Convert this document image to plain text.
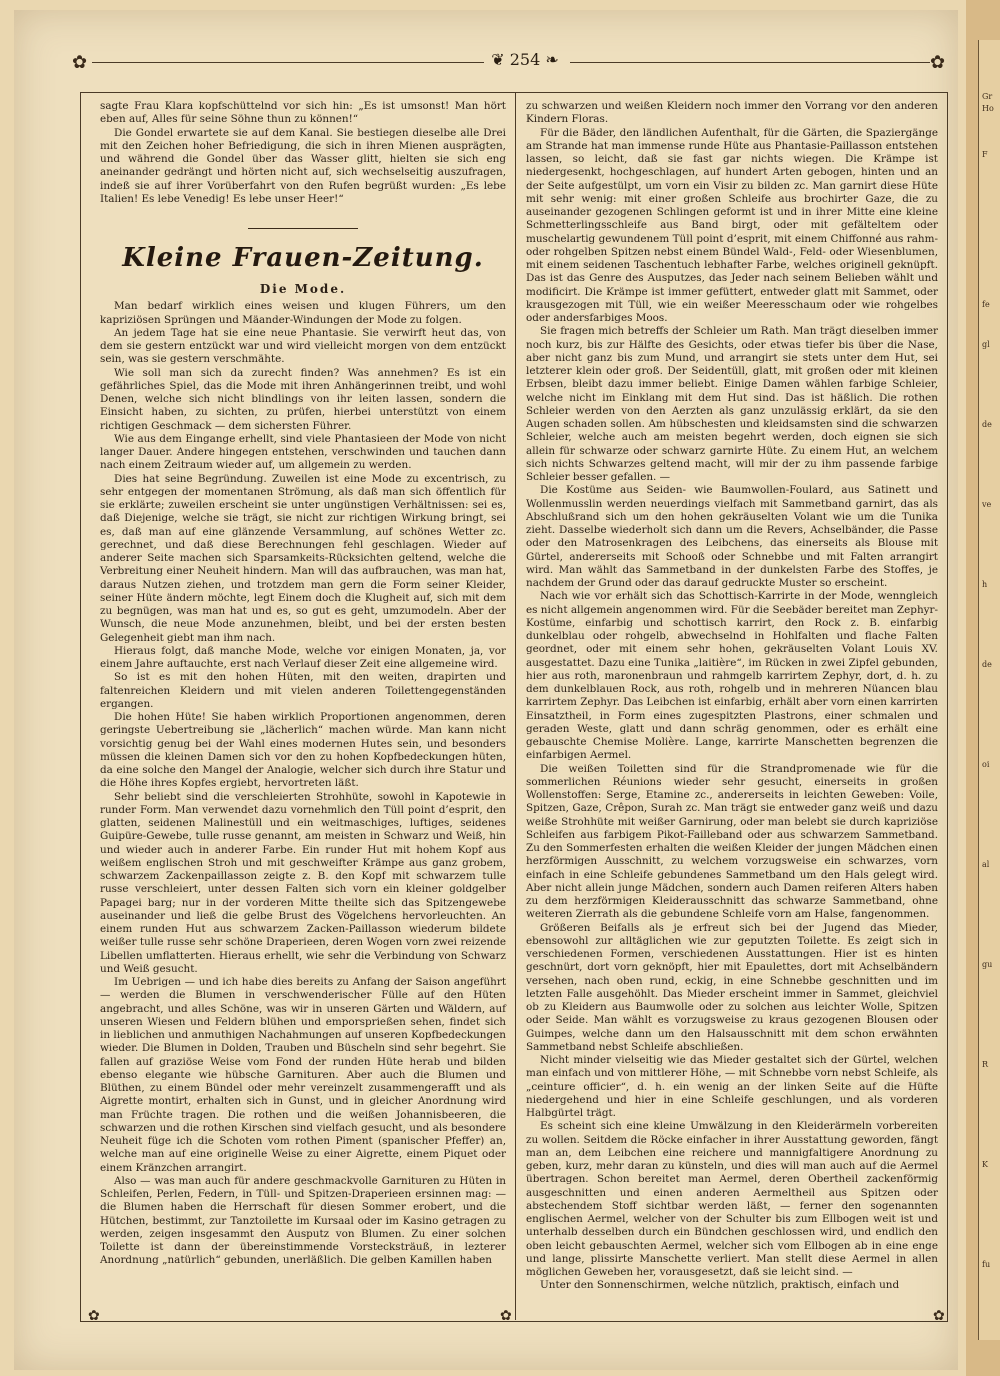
Gr
Ho
F
fe
gl
de
ve
h
de
oi
al
gu
R
K
fu
✿	❦ 254 ❧	✿
✿	✿	✿

sagte Frau Klara kopfschüttelnd vor sich hin: „Es ist umsonst! Man hört eben auf, Alles für seine Söhne thun zu können!“

Die Gondel erwartete sie auf dem Kanal. Sie bestiegen dieselbe alle Drei mit den Zeichen hoher Befriedigung, die sich in ihren Mienen ausprägten, und während die Gondel über das Wasser glitt, hielten sie sich eng aneinander gedrängt und hörten nicht auf, sich wechselseitig auszufragen, indeß sie auf ihrer Vorüberfahrt von den Rufen begrüßt wurden: „Es lebe Italien! Es lebe Venedig! Es lebe unser Heer!“

Kleine Frauen-Zeitung.
Die Mode.

Man bedarf wirklich eines weisen und klugen Führers, um den kapriziösen Sprüngen und Mäander-Windungen der Mode zu folgen.

An jedem Tage hat sie eine neue Phantasie. Sie verwirft heut das, von dem sie gestern entzückt war und wird vielleicht morgen von dem entzückt sein, was sie gestern verschmähte.

Wie soll man sich da zurecht finden? Was annehmen? Es ist ein gefährliches Spiel, das die Mode mit ihren Anhängerinnen treibt, und wohl Denen, welche sich nicht blindlings von ihr leiten lassen, sondern die Einsicht haben, zu sichten, zu prüfen, hierbei unterstützt von einem richtigen Geschmack — dem sichersten Führer.

Wie aus dem Eingange erhellt, sind viele Phantasieen der Mode von nicht langer Dauer. Andere hingegen entstehen, verschwinden und tauchen dann nach einem Zeitraum wieder auf, um allgemein zu werden.

Dies hat seine Begründung. Zuweilen ist eine Mode zu excentrisch, zu sehr entgegen der momentanen Strömung, als daß man sich öffentlich für sie erklärte; zuweilen erscheint sie unter ungünstigen Verhältnissen: sei es, daß Diejenige, welche sie trägt, sie nicht zur richtigen Wirkung bringt, sei es, daß man auf eine glänzende Versammlung, auf schönes Wetter zc. gerechnet, und daß diese Berechnungen fehl geschlagen. Wieder auf anderer Seite machen sich Sparsamkeits-Rücksichten geltend, welche die Verbreitung einer Neuheit hindern. Man will das aufbrauchen, was man hat, daraus Nutzen ziehen, und trotzdem man gern die Form seiner Kleider, seiner Hüte ändern möchte, legt Einem doch die Klugheit auf, sich mit dem zu begnügen, was man hat und es, so gut es geht, umzumodeln. Aber der Wunsch, die neue Mode anzunehmen, bleibt, und bei der ersten besten Gelegenheit giebt man ihm nach.

Hieraus folgt, daß manche Mode, welche vor einigen Monaten, ja, vor einem Jahre auftauchte, erst nach Verlauf dieser Zeit eine allgemeine wird.

So ist es mit den hohen Hüten, mit den weiten, drapirten und faltenreichen Kleidern und mit vielen anderen Toilettengegenständen ergangen.

Die hohen Hüte! Sie haben wirklich Proportionen angenommen, deren geringste Uebertreibung sie „lächerlich“ machen würde. Man kann nicht vorsichtig genug bei der Wahl eines modernen Hutes sein, und besonders müssen die kleinen Damen sich vor den zu hohen Kopfbedeckungen hüten, da eine solche den Mangel der Analogie, welcher sich durch ihre Statur und die Höhe ihres Kopfes ergiebt, hervortreten läßt.

Sehr beliebt sind die verschleierten Strohhüte, sowohl in Kapotewie in runder Form. Man verwendet dazu vornehmlich den Tüll point d’esprit, den glatten, seidenen Malinestüll und ein weitmaschiges, luftiges, seidenes Guipüre-Gewebe, tulle russe genannt, am meisten in Schwarz und Weiß, hin und wieder auch in anderer Farbe. Ein runder Hut mit hohem Kopf aus weißem englischen Stroh und mit geschweifter Krämpe aus ganz grobem, schwarzem Zackenpaillasson zeigte z. B. den Kopf mit schwarzem tulle russe verschleiert, unter dessen Falten sich vorn ein kleiner goldgelber Papagei barg; nur in der vorderen Mitte theilte sich das Spitzengewebe auseinander und ließ die gelbe Brust des Vögelchens hervorleuchten. An einem runden Hut aus schwarzem Zacken-Paillasson wiederum bildete weißer tulle russe sehr schöne Draperieen, deren Wogen vorn zwei reizende Libellen umflatterten. Hieraus erhellt, wie sehr die Verbindung von Schwarz und Weiß gesucht.

Im Uebrigen — und ich habe dies bereits zu Anfang der Saison angeführt — werden die Blumen in verschwenderischer Fülle auf den Hüten angebracht, und alles Schöne, was wir in unseren Gärten und Wäldern, auf unseren Wiesen und Feldern blühen und emporsprießen sehen, findet sich in lieblichen und anmuthigen Nachahmungen auf unseren Kopfbedeckungen wieder. Die Blumen in Dolden, Trauben und Büscheln sind sehr begehrt. Sie fallen auf graziöse Weise vom Fond der runden Hüte herab und bilden ebenso elegante wie hübsche Garnituren. Aber auch die Blumen und Blüthen, zu einem Bündel oder mehr vereinzelt zusammengerafft und als Aigrette montirt, erhalten sich in Gunst, und in gleicher Anordnung wird man Früchte tragen. Die rothen und die weißen Johannisbeeren, die schwarzen und die rothen Kirschen sind vielfach gesucht, und als besondere Neuheit füge ich die Schoten vom rothen Piment (spanischer Pfeffer) an, welche man auf eine originelle Weise zu einer Aigrette, einem Piquet oder einem Kränzchen arrangirt.

Also — was man auch für andere geschmackvolle Garnituren zu Hüten in Schleifen, Perlen, Federn, in Tüll- und Spitzen-Draperieen ersinnen mag: — die Blumen haben die Herrschaft für diesen Sommer erobert, und die Hütchen, bestimmt, zur Tanztoilette im Kursaal oder im Kasino getragen zu werden, zeigen insgesammt den Ausputz von Blumen. Zu einer solchen Toilette ist dann der übereinstimmende Vorstecksträuß, in lezterer Anordnung „natürlich“ gebunden, unerläßlich. Die gelben Kamillen haben

zu schwarzen und weißen Kleidern noch immer den Vorrang vor den anderen Kindern Floras.

Für die Bäder, den ländlichen Aufenthalt, für die Gärten, die Spaziergänge am Strande hat man immense runde Hüte aus Phantasie-Paillasson entstehen lassen, so leicht, daß sie fast gar nichts wiegen. Die Krämpe ist niedergesenkt, hochgeschlagen, auf hundert Arten gebogen, hinten und an der Seite aufgestülpt, um vorn ein Visir zu bilden zc. Man garnirt diese Hüte mit sehr wenig: mit einer großen Schleife aus brochirter Gaze, die zu auseinander gezogenen Schlingen geformt ist und in ihrer Mitte eine kleine Schmetterlingsschleife aus Band birgt, oder mit gefälteltem oder muschelartig gewundenem Tüll point d’esprit, mit einem Chiffonné aus rahm- oder rohgelben Spitzen nebst einem Bündel Wald-, Feld- oder Wiesenblumen, mit einem seidenen Taschentuch lebhafter Farbe, welches originell geknüpft. Das ist das Genre des Ausputzes, das Jeder nach seinem Belieben wählt und modificirt. Die Krämpe ist immer gefüttert, entweder glatt mit Sammet, oder krausgezogen mit Tüll, wie ein weißer Meeresschaum oder wie rohgelbes oder andersfarbiges Moos.

Sie fragen mich betreffs der Schleier um Rath. Man trägt dieselben immer noch kurz, bis zur Hälfte des Gesichts, oder etwas tiefer bis über die Nase, aber nicht ganz bis zum Mund, und arrangirt sie stets unter dem Hut, sei letzterer klein oder groß. Der Seidentüll, glatt, mit großen oder mit kleinen Erbsen, bleibt dazu immer beliebt. Einige Damen wählen farbige Schleier, welche nicht im Einklang mit dem Hut sind. Das ist häßlich. Die rothen Schleier werden von den Aerzten als ganz unzulässig erklärt, da sie den Augen schaden sollen. Am hübschesten und kleidsamsten sind die schwarzen Schleier, welche auch am meisten begehrt werden, doch eignen sie sich allein für schwarze oder schwarz garnirte Hüte. Zu einem Hut, an welchem sich nichts Schwarzes geltend macht, will mir der zu ihm passende farbige Schleier besser gefallen. —

Die Kostüme aus Seiden- wie Baumwollen-Foulard, aus Satinett und Wollenmusslin werden neuerdings vielfach mit Sammetband garnirt, das als Abschlußrand sich um den hohen gekräuselten Volant wie um die Tunika zieht. Dasselbe wiederholt sich dann um die Revers, Achselbänder, die Passe oder den Matrosenkragen des Leibchens, das einerseits als Blouse mit Gürtel, andererseits mit Schooß oder Schnebbe und mit Falten arrangirt wird. Man wählt das Sammetband in der dunkelsten Farbe des Stoffes, je nachdem der Grund oder das darauf gedruckte Muster so erscheint.

Nach wie vor erhält sich das Schottisch-Karrirte in der Mode, wenngleich es nicht allgemein angenommen wird. Für die Seebäder bereitet man Zephyr-Kostüme, einfarbig und schottisch karrirt, den Rock z. B. einfarbig dunkelblau oder rohgelb, abwechselnd in Hohlfalten und flache Falten geordnet, oder mit einem sehr hohen, gekräuselten Volant Louis XV. ausgestattet. Dazu eine Tunika „laitière“, im Rücken in zwei Zipfel gebunden, hier aus roth, maronenbraun und rahmgelb karrirtem Zephyr, dort, d. h. zu dem dunkelblauen Rock, aus roth, rohgelb und in mehreren Nüancen blau karrirtem Zephyr. Das Leibchen ist einfarbig, erhält aber vorn einen karrirten Einsatztheil, in Form eines zugespitzten Plastrons, einer schmalen und geraden Weste, glatt und dann schräg genommen, oder es erhält eine gebauschte Chemise Molière. Lange, karrirte Manschetten begrenzen die einfarbigen Aermel.

Die weißen Toiletten sind für die Strandpromenade wie für die sommerlichen Réunions wieder sehr gesucht, einerseits in großen Wollenstoffen: Serge, Etamine zc., andererseits in leichten Geweben: Voile, Spitzen, Gaze, Crêpon, Surah zc. Man trägt sie entweder ganz weiß und dazu weiße Strohhüte mit weißer Garnirung, oder man belebt sie durch kapriziöse Schleifen aus farbigem Pikot-Failleband oder aus schwarzem Sammetband. Zu den Sommerfesten erhalten die weißen Kleider der jungen Mädchen einen herzförmigen Ausschnitt, zu welchem vorzugsweise ein schwarzes, vorn einfach in eine Schleife gebundenes Sammetband um den Hals gelegt wird. Aber nicht allein junge Mädchen, sondern auch Damen reiferen Alters haben zu dem herzförmigen Kleiderausschnitt das schwarze Sammetband, ohne weiteren Zierrath als die gebundene Schleife vorn am Halse, fangenommen.

Größeren Beifalls als je erfreut sich bei der Jugend das Mieder, ebensowohl zur alltäglichen wie zur geputzten Toilette. Es zeigt sich in verschiedenen Formen, verschiedenen Ausstattungen. Hier ist es hinten geschnürt, dort vorn geknöpft, hier mit Epaulettes, dort mit Achselbändern versehen, nach oben rund, eckig, in eine Schnebbe geschnitten und im letzten Falle ausgehöhlt. Das Mieder erscheint immer in Sammet, gleichviel ob zu Kleidern aus Baumwolle oder zu solchen aus leichter Wolle, Spitzen oder Seide. Man wählt es vorzugsweise zu kraus gezogenen Blousen oder Guimpes, welche dann um den Halsausschnitt mit dem schon erwähnten Sammetband nebst Schleife abschließen.

Nicht minder vielseitig wie das Mieder gestaltet sich der Gürtel, welchen man einfach und von mittlerer Höhe, — mit Schnebbe vorn nebst Schleife, als „ceinture officier“, d. h. ein wenig an der linken Seite auf die Hüfte niedergehend und hier in eine Schleife geschlungen, und als vorderen Halbgürtel trägt.

Es scheint sich eine kleine Umwälzung in den Kleiderärmeln vorbereiten zu wollen. Seitdem die Röcke einfacher in ihrer Ausstattung geworden, fängt man an, dem Leibchen eine reichere und mannigfaltigere Anordnung zu geben, kurz, mehr daran zu künsteln, und dies will man auch auf die Aermel übertragen. Schon bereitet man Aermel, deren Obertheil zackenförmig ausgeschnitten und einen anderen Aermeltheil aus Spitzen oder abstechendem Stoff sichtbar werden läßt, — ferner den sogenannten englischen Aermel, welcher von der Schulter bis zum Ellbogen weit ist und unterhalb desselben durch ein Bündchen geschlossen wird, und endlich den oben leicht gebauschten Aermel, welcher sich vom Ellbogen ab in eine enge und lange, plissirte Manschette verliert. Man stellt diese Aermel in allen möglichen Geweben her, vorausgesetzt, daß sie leicht sind. —

Unter den Sonnenschirmen, welche nützlich, praktisch, einfach und
